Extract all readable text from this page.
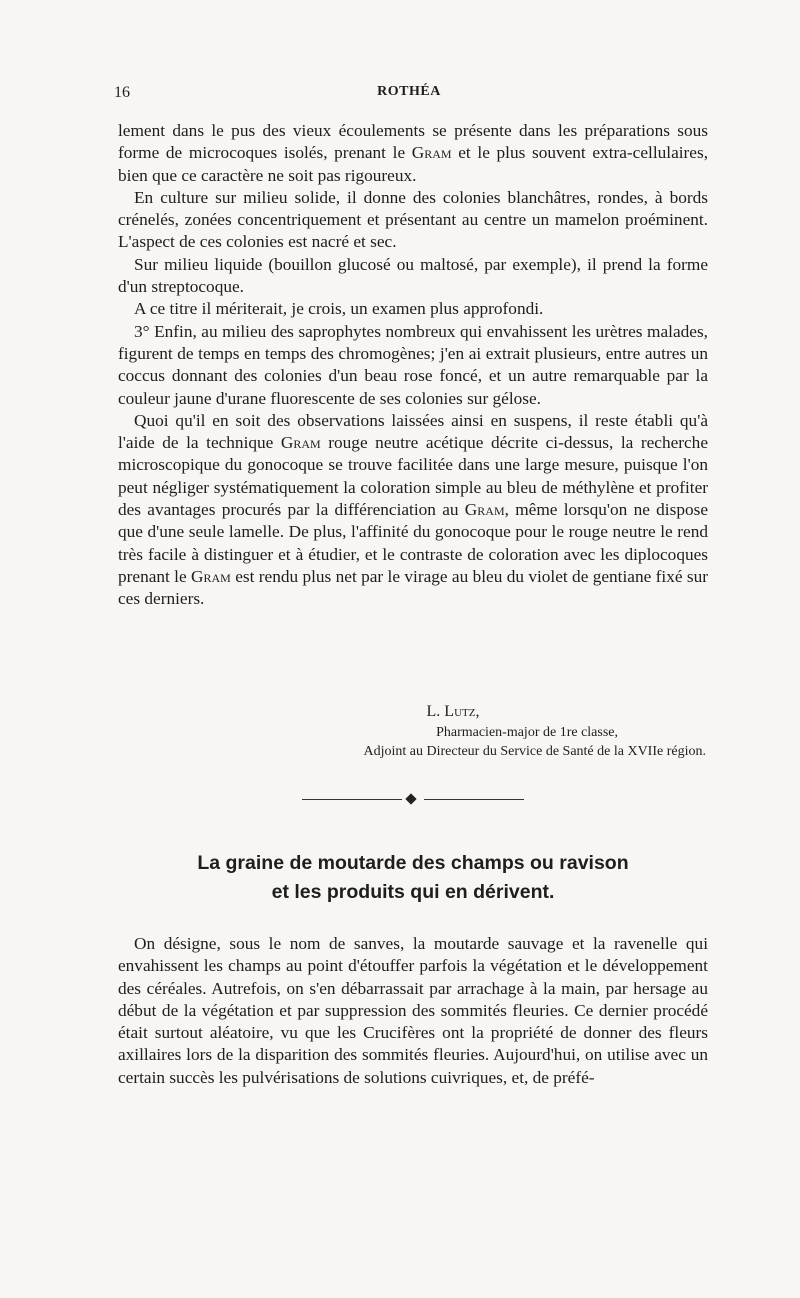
16	ROTHÉA

lement dans le pus des vieux écoulements se présente dans les préparations sous forme de microcoques isolés, prenant le Gram et le plus souvent extra-cellulaires, bien que ce caractère ne soit pas rigoureux.

En culture sur milieu solide, il donne des colonies blanchâtres, rondes, à bords crénelés, zonées concentriquement et présentant au centre un mamelon proéminent. L'aspect de ces colonies est nacré et sec.

Sur milieu liquide (bouillon glucosé ou maltosé, par exemple), il prend la forme d'un streptocoque.

A ce titre il mériterait, je crois, un examen plus approfondi.

3° Enfin, au milieu des saprophytes nombreux qui envahissent les urètres malades, figurent de temps en temps des chromogènes; j'en ai extrait plusieurs, entre autres un coccus donnant des colonies d'un beau rose foncé, et un autre remarquable par la couleur jaune d'urane fluorescente de ses colonies sur gélose.

Quoi qu'il en soit des observations laissées ainsi en suspens, il reste établi qu'à l'aide de la technique Gram rouge neutre acétique décrite ci-dessus, la recherche microscopique du gonocoque se trouve facilitée dans une large mesure, puisque l'on peut négliger systématiquement la coloration simple au bleu de méthylène et profiter des avantages procurés par la différenciation au Gram, même lorsqu'on ne dispose que d'une seule lamelle. De plus, l'affinité du gonocoque pour le rouge neutre le rend très facile à distinguer et à étudier, et le contraste de coloration avec les diplocoques prenant le Gram est rendu plus net par le virage au bleu du violet de gentiane fixé sur ces derniers.

L. Lutz,

Pharmacien-major de 1re classe,

Adjoint au Directeur du Service de Santé de la XVIIe région.

La graine de moutarde des champs ou ravison
et les produits qui en dérivent.

On désigne, sous le nom de sanves, la moutarde sauvage et la ravenelle qui envahissent les champs au point d'étouffer parfois la végétation et le développement des céréales. Autrefois, on s'en débarrassait par arrachage à la main, par hersage au début de la végétation et par suppression des sommités fleuries. Ce dernier procédé était surtout aléatoire, vu que les Crucifères ont la propriété de donner des fleurs axillaires lors de la disparition des sommités fleuries. Aujourd'hui, on utilise avec un certain succès les pulvérisations de solutions cuivriques, et, de préfé-
